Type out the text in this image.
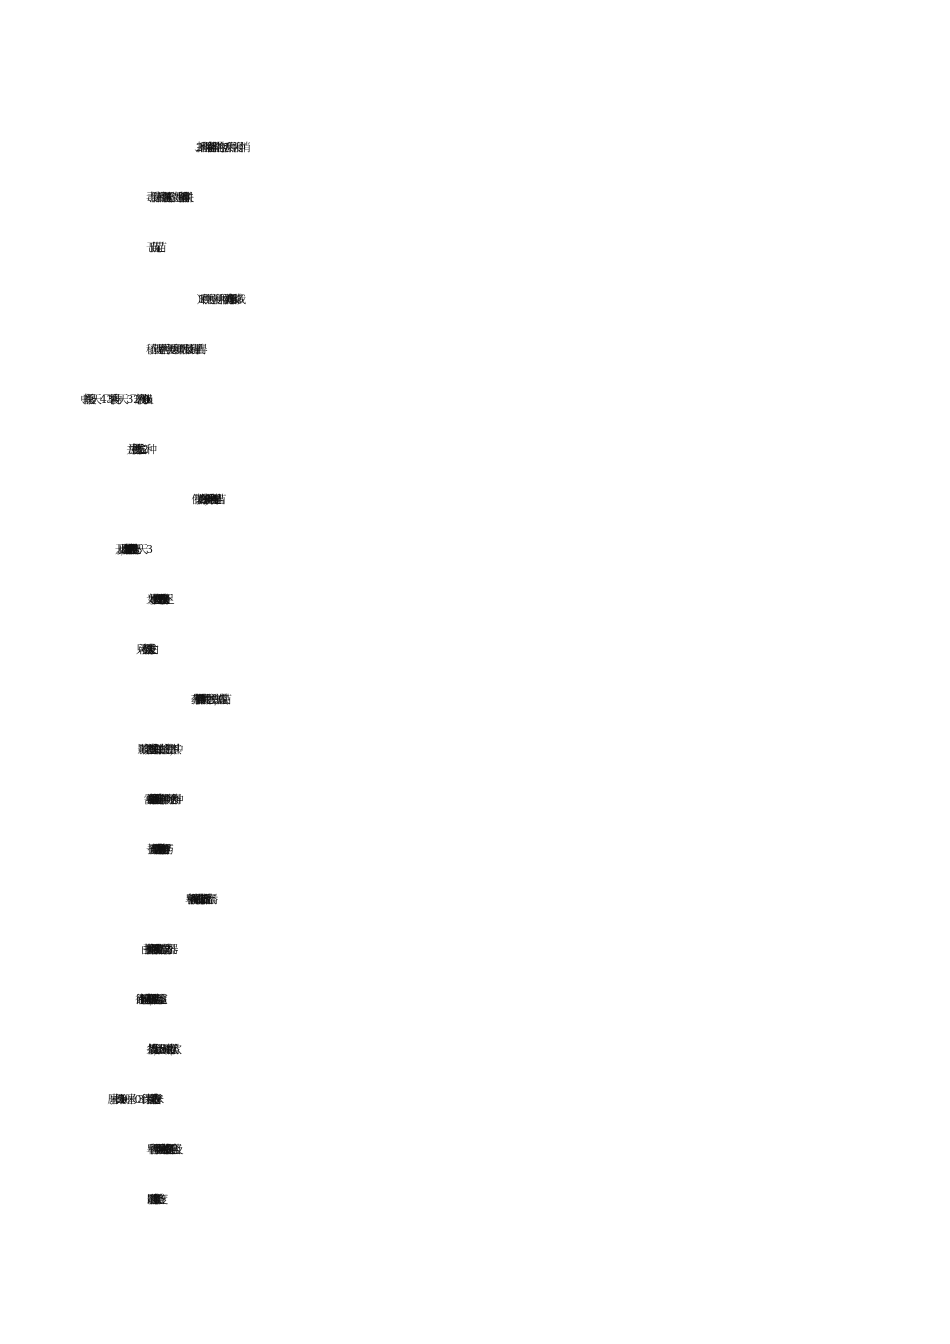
2、播种保全苗 旱稻播种内容包括：晒种、浸种、消
毒、催芽、播种、覆土(镇压）等。过好旱稻播种关,有利
于出苗、足苗。
（1）晒种、选种、浸种、种子消毒 同普通水田移栽
稻。但就是旱稻种子浸透即可（即吸水量为其种子重得
(2)催芽　北方催芽播种一般可提早出苗 4 天，早出穗
为好。但假如土壤水分不足, 则不宜催芽, 以免发生干芽现
象, 只可浸种到颖壳发白。
（3)药剂拌种 旱稻苗期常受地下害虫为害，造成缺苗
断垄, 影响产量。主要害虫有蝼蛄、蛴螬、金针虫等，其中
蝼蛄最为普遍, 需要在播种前用药剂拌种。将吸足水分得种
子摊开晾至颖壳发白程度再行拌药, 通常用呋喃丹拌种。
(4)播种 旱稻播种方式有条播、撒播、点播 3 种。条播
应用得最多, 由于播种机具不同又有宽幅与窄幅之分。机器
播种, 行距小而播幅窄。人工开沟播种，行距大而且播幅宽。
条播以宽行为好，行距为２５～３０厘米。也可以穴播，穴
旱稻得播种质量应当严格保证, 因为它关系到能否出全苗及
以后得生长整齐度, 影响产量。
